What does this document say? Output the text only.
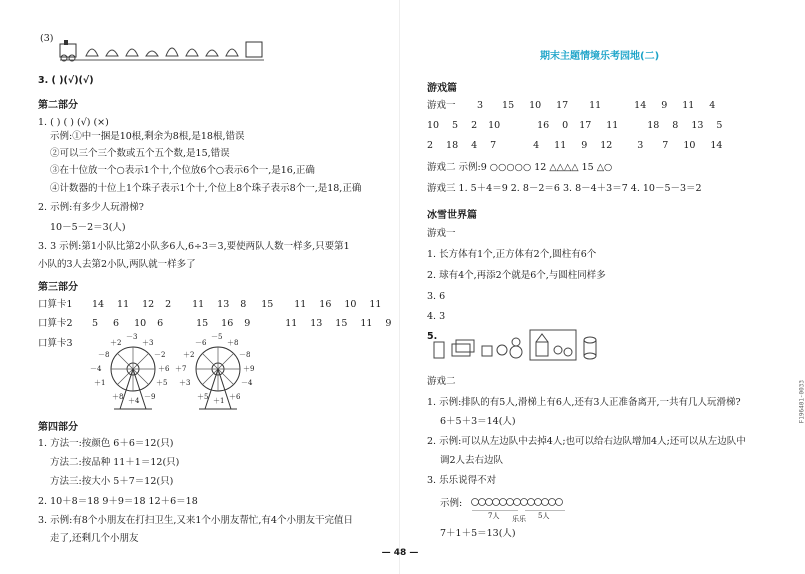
(3)
3. ( )(√)(√)
第二部分
1. ( ) ( ) (√) (×)
示例:①中一捆是10根,剩余为8根,是18根,错误
②可以三个三个数或五个五个数,是15,错误
③在十位放一个○表示1个十,个位放6个○表示6个一,是16,正确
④计数器的十位上1个珠子表示1个十,个位上8个珠子表示8个一,是18,正确
2. 示例:有多少人玩滑梯?
10－5－2＝3(人)
3. 3 示例:第1小队比第2小队多6人,6÷3＝3,要使两队人数一样多,只要第1
小队的3人去第2小队,两队就一样多了
第三部分
口算卡1 14 11 12 2 11 13 8 15 11 16 10 11
口算卡2 5 6 10 6	15 16 9	11 13 15 11 9
口算卡3
－4	＋6
－8	－2
＋8	－9
＋2	＋3
＋1	＋5
－3
＋4
＋7	＋9
＋2	－8
＋5	＋6
－6	＋8
＋3	－4
－5
＋1
第四部分
1. 方法一:按颜色 6＋6＝12(只)
方法二:按品种 11＋1＝12(只)
方法三:按大小 5＋7＝12(只)
2. 10＋8＝18 9＋9＝18 12＋6＝18
3. 示例:有8个小朋友在打扫卫生,又来1个小朋友帮忙,有4个小朋友干完值日
走了,还剩几个小朋友
期末主题情境乐考园地(二)
游戏篇
游戏一 3 15 10 17 11	14 9 11 4
10 5 2 10	16 0 17 11	18 8 13 5
2 18 4 7	4 11 9 12	3 7 10 14
游戏二 示例:9 ○○○○○ 12 △△△△ 15 △○
游戏三 1. 5＋4＝9 2. 8－2＝6 3. 8－4＋3＝7 4. 10－5－3＝2
冰雪世界篇
游戏一
1. 长方体有1个,正方体有2个,圆柱有6个
2. 球有4个,再添2个就是6个,与圆柱同样多
3. 6
4. 3
5.
游戏二
1. 示例:排队的有5人,滑梯上有6人,还有3人正准备离开,一共有几人玩滑梯?
6＋5＋3＝14(人)
2. 示例:可以从左边队中去掉4人;也可以给右边队增加4人;还可以从左边队中
调2人去右边队
3. 乐乐说得不对
示例:
7人 乐乐 5人
7＋1＋5＝13(人)
— 48 —
F196401-0033
